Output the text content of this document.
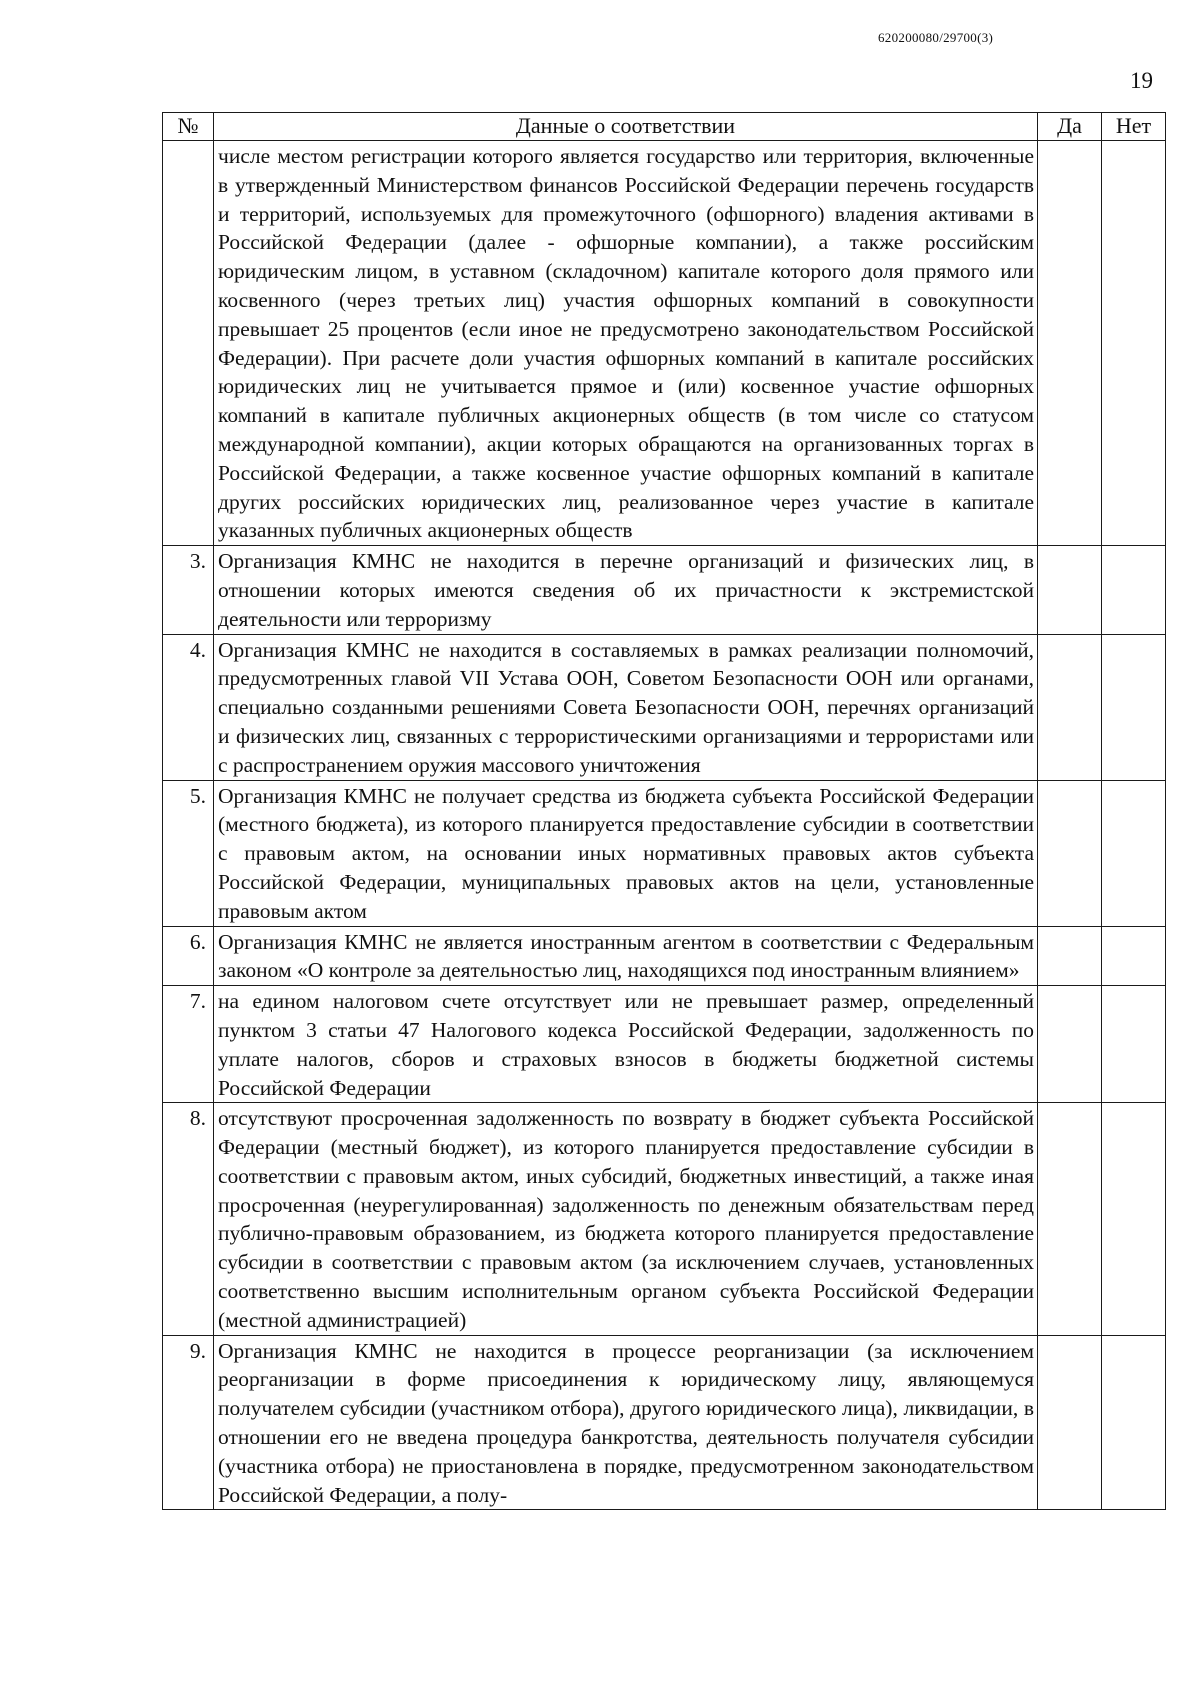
620200080/29700(3)
19
№	Данные о соответствии	Да	Нет
	числе местом регистрации которого является государство или территория, включенные в утвержденный Министерством финансов Российской Федерации перечень государств и территорий, используемых для промежуточного (офшорного) владения активами в Российской Федерации (далее - офшорные компании), а также российским юридическим лицом, в уставном (складочном) капитале которого доля прямого или косвенного (через третьих лиц) участия офшорных компаний в совокупности превышает 25 процентов (если иное не предусмотрено законодательством Российской Федерации). При расчете доли участия офшорных компаний в капитале российских юридических лиц не учитывается прямое и (или) косвенное участие офшорных компаний в капитале публичных акционерных обществ (в том числе со статусом международной компании), акции которых обращаются на организованных торгах в Российской Федерации, а также косвенное участие офшорных компаний в капитале других российских юридических лиц, реализованное через участие в капитале указанных публичных акционерных обществ		
3.	Организация КМНС не находится в перечне организаций и физических лиц, в отношении которых имеются сведения об их причастности к экстремистской деятельности или терроризму		
4.	Организация КМНС не находится в составляемых в рамках реализации полномочий, предусмотренных главой VII Устава ООН, Советом Безопасности ООН или органами, специально созданными решениями Совета Безопасности ООН, перечнях организаций и физических лиц, связанных с террористическими организациями и террористами или с распространением оружия массового уничтожения		
5.	Организация КМНС не получает средства из бюджета субъекта Российской Федерации (местного бюджета), из которого планируется предоставление субсидии в соответствии с правовым актом, на основании иных нормативных правовых актов субъекта Российской Федерации, муниципальных правовых актов на цели, установленные правовым актом		
6.	Организация КМНС не является иностранным агентом в соответствии с Федеральным законом «О контроле за деятельностью лиц, находящихся под иностранным влиянием»		
7.	на едином налоговом счете отсутствует или не превышает размер, определенный пунктом 3 статьи 47 Налогового кодекса Российской Федерации, задолженность по уплате налогов, сборов и страховых взносов в бюджеты бюджетной системы Российской Федерации		
8.	отсутствуют просроченная задолженность по возврату в бюджет субъекта Российской Федерации (местный бюджет), из которого планируется предоставление субсидии в соответствии с правовым актом, иных субсидий, бюджетных инвестиций, а также иная просроченная (неурегулированная) задолженность по денежным обязательствам перед публично-правовым образованием, из бюджета которого планируется предоставление субсидии в соответствии с правовым актом (за исключением случаев, установленных соответственно высшим исполнительным органом субъекта Российской Федерации (местной администрацией)		
9.	Организация КМНС не находится в процессе реорганизации (за исключением реорганизации в форме присоединения к юридическому лицу, являющемуся получателем субсидии (участником отбора), другого юридического лица), ликвидации, в отношении его не введена процедура банкротства, деятельность получателя субсидии (участника отбора) не приостановлена в порядке, предусмотренном законодательством Российской Федерации, а полу-		
